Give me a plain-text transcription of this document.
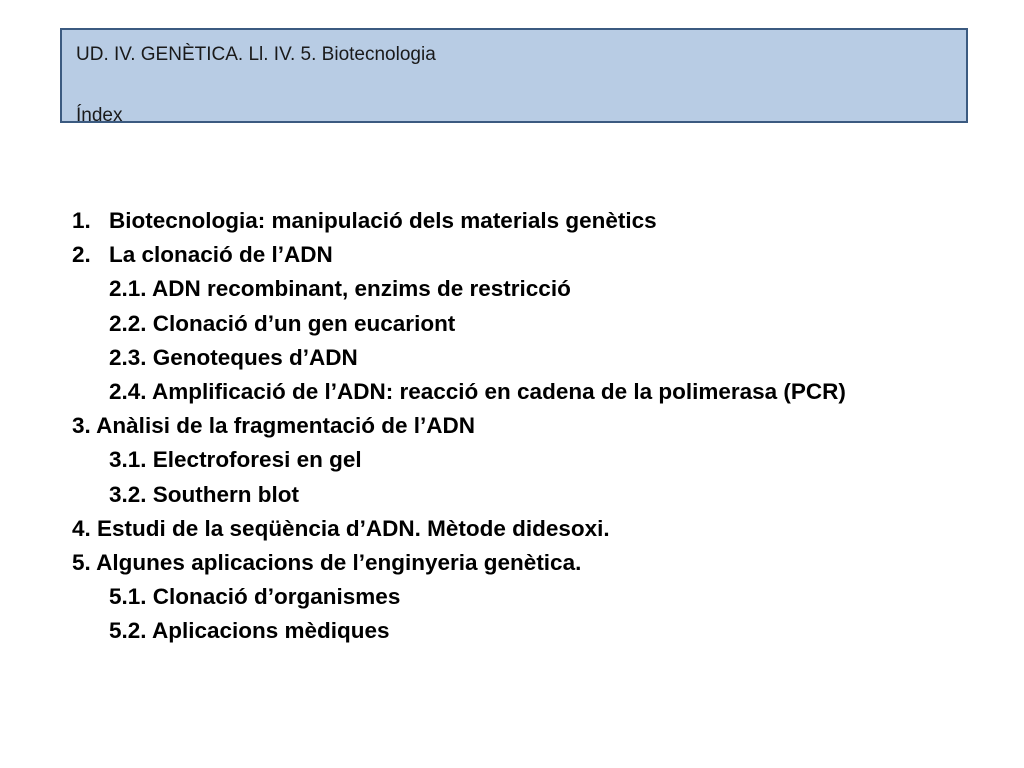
UD. IV. GENÈTICA. Ll. IV. 5. Biotecnologia
Índex
1. Biotecnologia: manipulació dels materials genètics
2. La clonació de l’ADN
2.1. ADN recombinant, enzims de restricció
2.2. Clonació d’un gen eucariont
2.3. Genoteques d’ADN
2.4. Amplificació de l’ADN: reacció en cadena de la polimerasa (PCR)
3. Anàlisi de la fragmentació de l’ADN
3.1. Electroforesi en gel
3.2. Southern blot
4. Estudi de la seqüència d’ADN. Mètode didesoxi.
5. Algunes aplicacions de l’enginyeria genètica.
5.1. Clonació d’organismes
5.2. Aplicacions mèdiques
